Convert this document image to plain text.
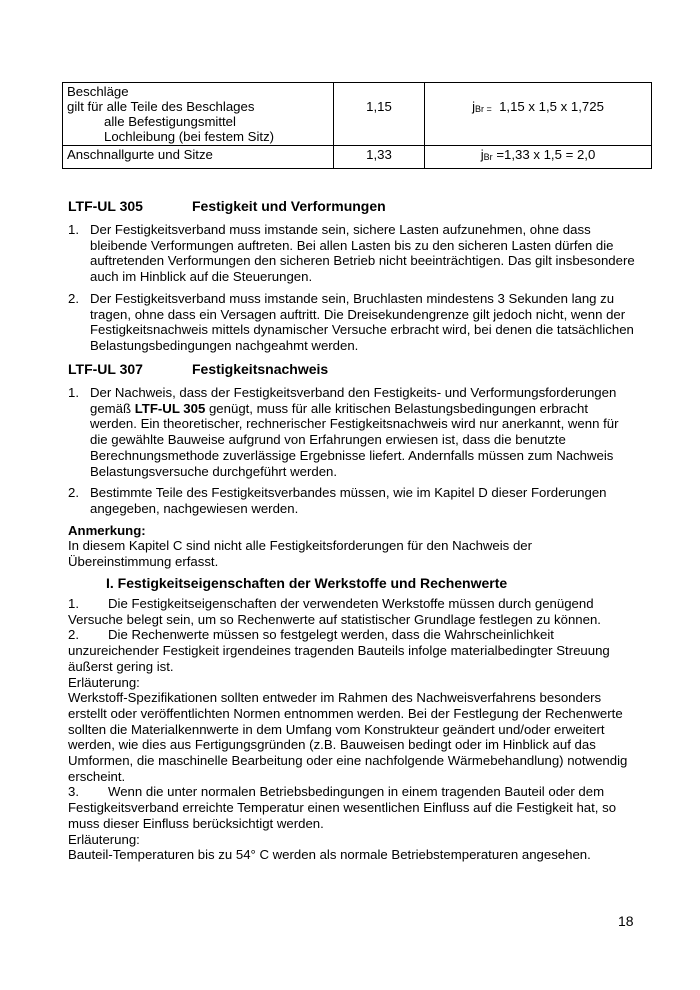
Beschläge
gilt für alle Teile des Beschlages
alle Befestigungsmittel
Lochleibung (bei festem Sitz)	1,15	jBr = 1,15 x 1,5 x 1,725
Anschnallgurte und Sitze	1,33	jBr =1,33 x 1,5 = 2,0
LTF-UL 305	Festigkeit und Verformungen
1. Der Festigkeitsverband muss imstande sein, sichere Lasten aufzunehmen, ohne dass bleibende Verformungen auftreten. Bei allen Lasten bis zu den sicheren Lasten dürfen die auftretenden Verformungen den sicheren Betrieb nicht beeinträchtigen. Das gilt insbesondere auch im Hinblick auf die Steuerungen.
2. Der Festigkeitsverband muss imstande sein, Bruchlasten mindestens 3 Sekunden lang zu tragen, ohne dass ein Versagen auftritt. Die Dreisekundengrenze gilt jedoch nicht, wenn der Festigkeitsnachweis mittels dynamischer Versuche erbracht wird, bei denen die tatsächlichen Belastungsbedingungen nachgeahmt werden.
LTF-UL 307	Festigkeitsnachweis
1. Der Nachweis, dass der Festigkeitsverband den Festigkeits- und Verformungsforderungen gemäß LTF-UL 305 genügt, muss für alle kritischen Belastungsbedingungen erbracht werden. Ein theoretischer, rechnerischer Festigkeitsnachweis wird nur anerkannt, wenn für die gewählte Bauweise aufgrund von Erfahrungen erwiesen ist, dass die benutzte Berechnungsmethode zuverlässige Ergebnisse liefert. Andernfalls müssen zum Nachweis Belastungsversuche durchgeführt werden.
2. Bestimmte Teile des Festigkeitsverbandes müssen, wie im Kapitel D dieser Forderungen angegeben, nachgewiesen werden.

Anmerkung:
In diesem Kapitel C sind nicht alle Festigkeitsforderungen für den Nachweis der Übereinstimmung erfasst.

I. Festigkeitseigenschaften der Werkstoffe und Rechenwerte

1. Die Festigkeitseigenschaften der verwendeten Werkstoffe müssen durch genügend Versuche belegt sein, um so Rechenwerte auf statistischer Grundlage festlegen zu können.

2. Die Rechenwerte müssen so festgelegt werden, dass die Wahrscheinlichkeit unzureichender Festigkeit irgendeines tragenden Bauteils infolge materialbedingter Streuung äußerst gering ist.

Erläuterung:
Werkstoff-Spezifikationen sollten entweder im Rahmen des Nachweisverfahrens besonders erstellt oder veröffentlichten Normen entnommen werden. Bei der Festlegung der Rechenwerte sollten die Materialkennwerte in dem Umfang vom Konstrukteur geändert und/oder erweitert werden, wie dies aus Fertigungsgründen (z.B. Bauweisen bedingt oder im Hinblick auf das Umformen, die maschinelle Bearbeitung oder eine nachfolgende Wärmebehandlung) notwendig erscheint.

3. Wenn die unter normalen Betriebsbedingungen in einem tragenden Bauteil oder dem Festigkeitsverband erreichte Temperatur einen wesentlichen Einfluss auf die Festigkeit hat, so muss dieser Einfluss berücksichtigt werden.

Erläuterung:
Bauteil-Temperaturen bis zu 54° C werden als normale Betriebstemperaturen angesehen.

18
